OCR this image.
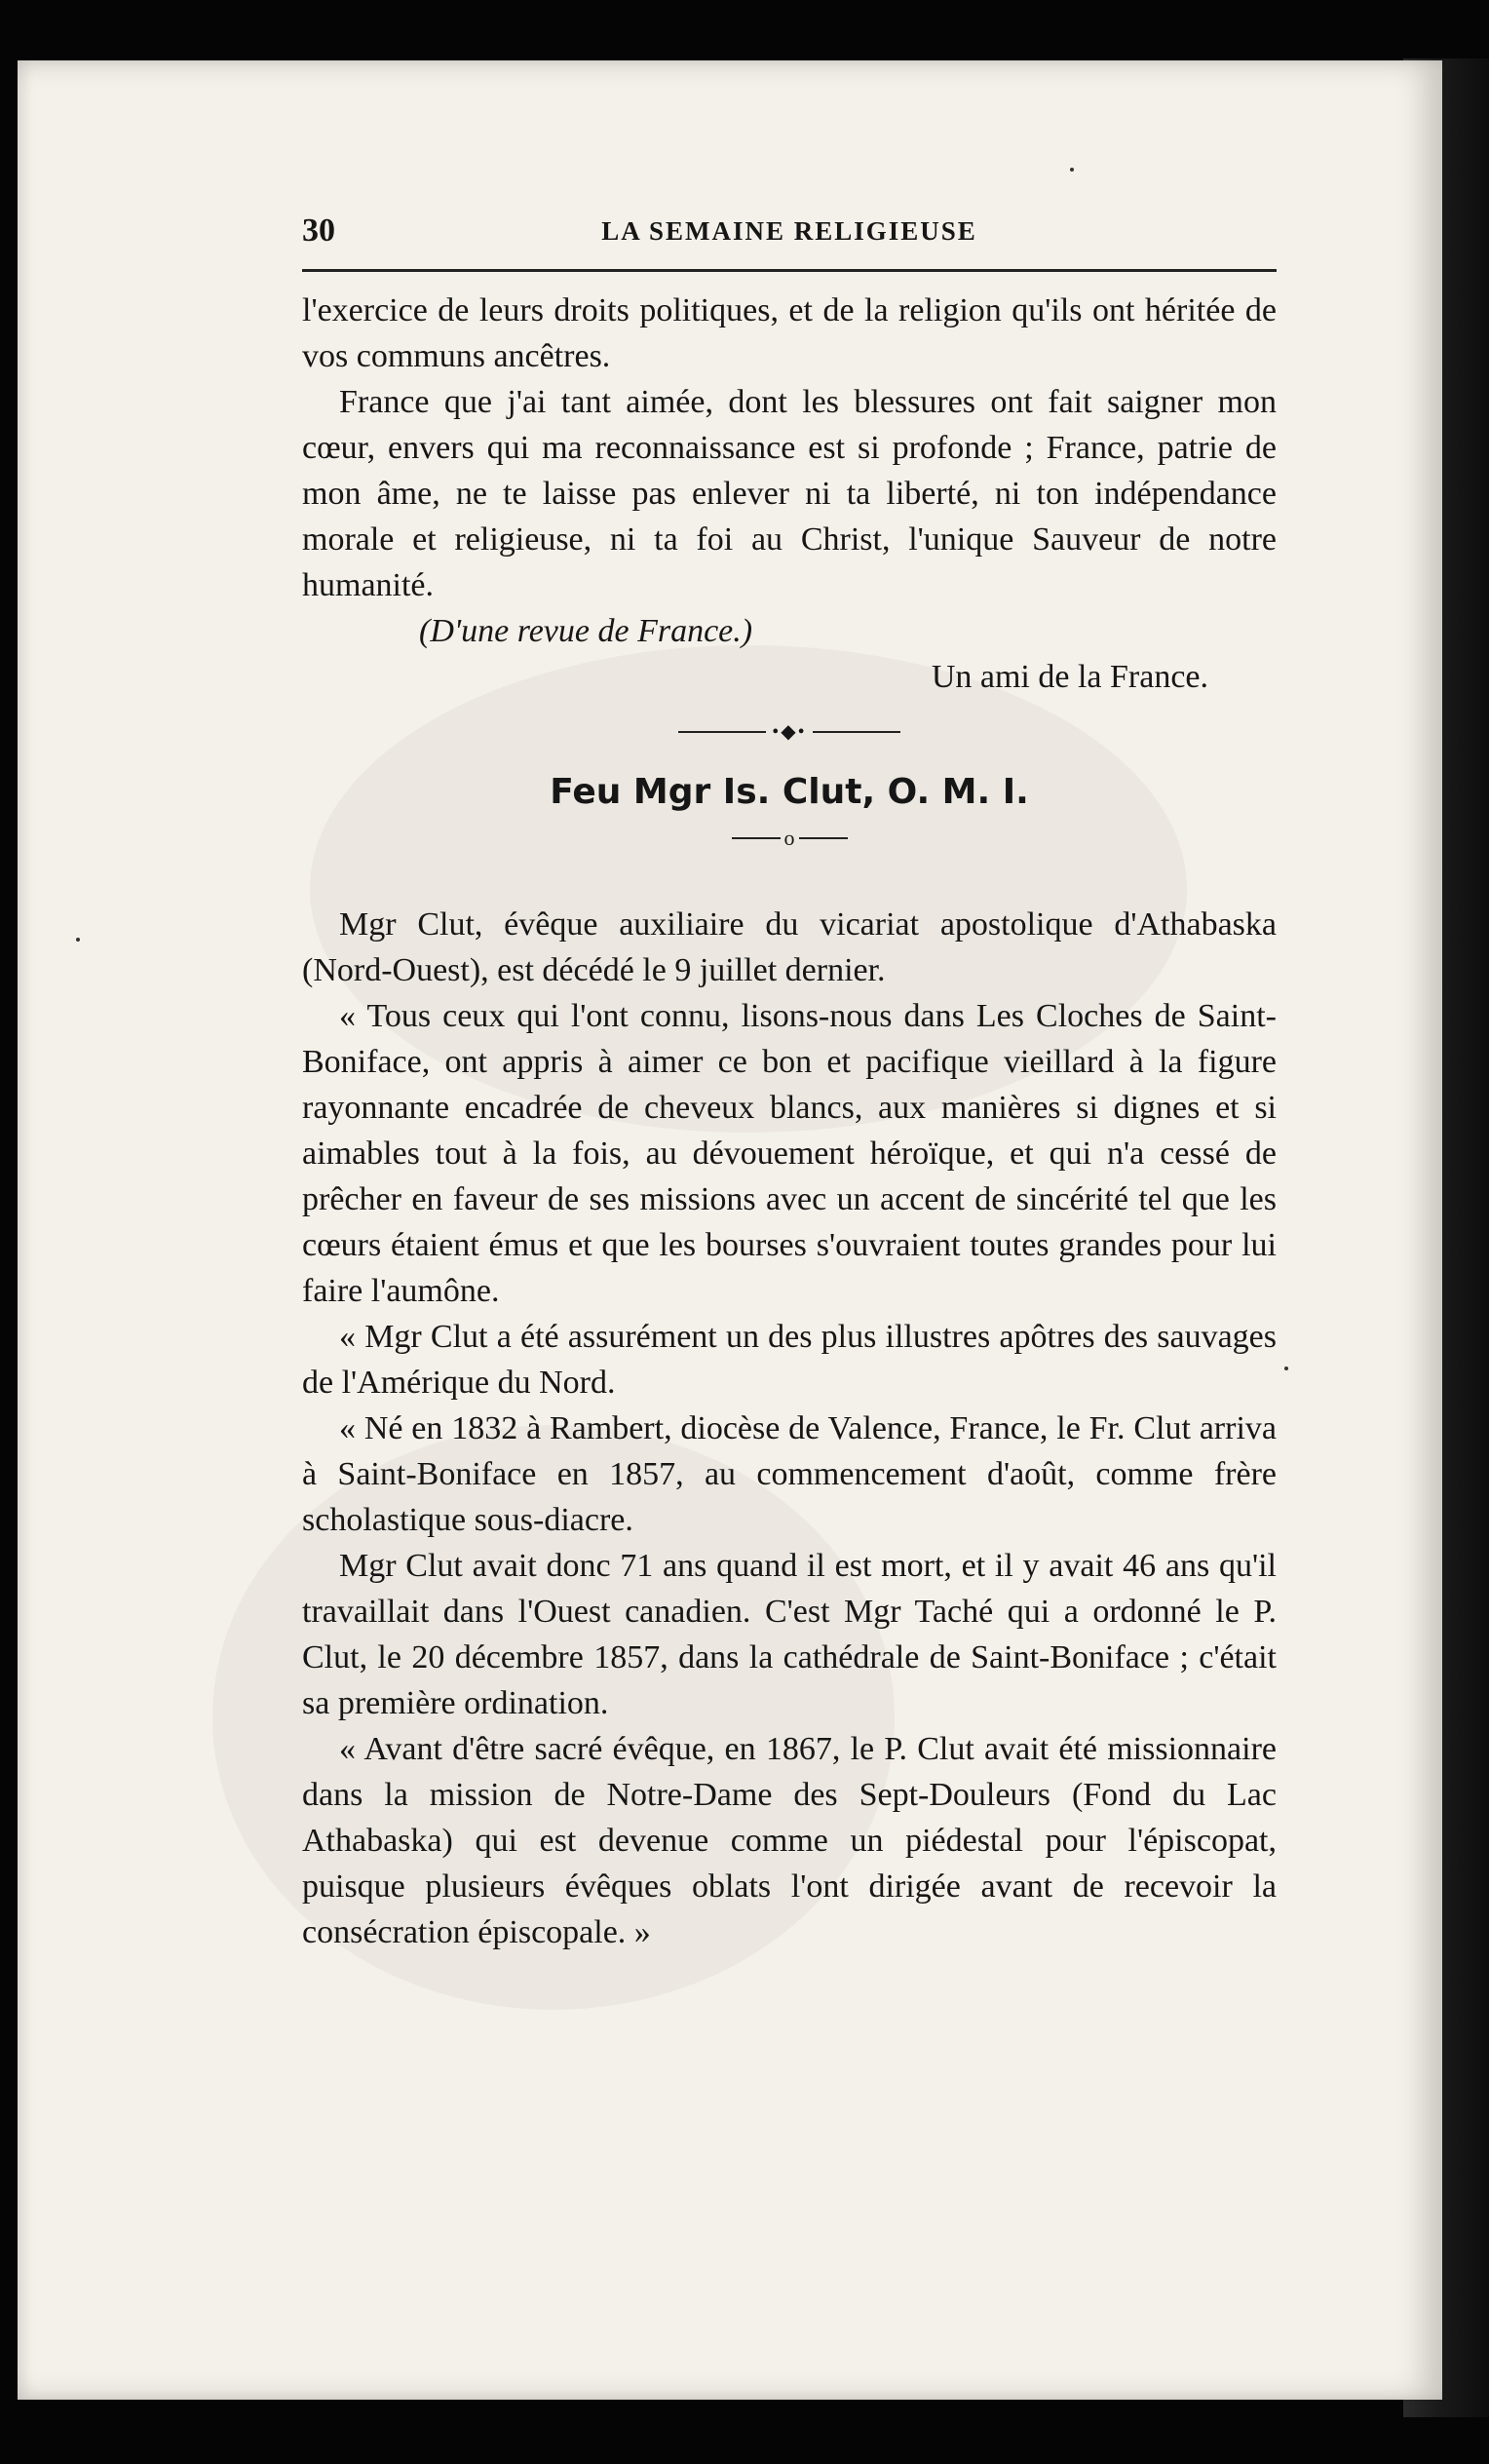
30	LA SEMAINE RELIGIEUSE

l'exercice de leurs droits politiques, et de la religion qu'ils ont héritée de vos communs ancêtres.

France que j'ai tant aimée, dont les blessures ont fait saigner mon cœur, envers qui ma reconnaissance est si profonde ; France, patrie de mon âme, ne te laisse pas enlever ni ta liberté, ni ton indépendance morale et religieuse, ni ta foi au Christ, l'unique Sauveur de notre humanité.

(D'une revue de France.)

Un ami de la France.

•◆•
Feu Mgr Is. Clut, O. M. I.
o

Mgr Clut, évêque auxiliaire du vicariat apostolique d'Athabaska (Nord-Ouest), est décédé le 9 juillet dernier.

« Tous ceux qui l'ont connu, lisons-nous dans Les Cloches de Saint-Boniface, ont appris à aimer ce bon et pacifique vieillard à la figure rayonnante encadrée de cheveux blancs, aux manières si dignes et si aimables tout à la fois, au dévouement héroïque, et qui n'a cessé de prêcher en faveur de ses missions avec un accent de sincérité tel que les cœurs étaient émus et que les bourses s'ouvraient toutes grandes pour lui faire l'aumône.

« Mgr Clut a été assurément un des plus illustres apôtres des sauvages de l'Amérique du Nord.

« Né en 1832 à Rambert, diocèse de Valence, France, le Fr. Clut arriva à Saint-Boniface en 1857, au commencement d'août, comme frère scholastique sous-diacre.

Mgr Clut avait donc 71 ans quand il est mort, et il y avait 46 ans qu'il travaillait dans l'Ouest canadien. C'est Mgr Taché qui a ordonné le P. Clut, le 20 décembre 1857, dans la cathédrale de Saint-Boniface ; c'était sa première ordination.

« Avant d'être sacré évêque, en 1867, le P. Clut avait été missionnaire dans la mission de Notre-Dame des Sept-Douleurs (Fond du Lac Athabaska) qui est devenue comme un piédestal pour l'épiscopat, puisque plusieurs évêques oblats l'ont dirigée avant de recevoir la consécration épiscopale. »
